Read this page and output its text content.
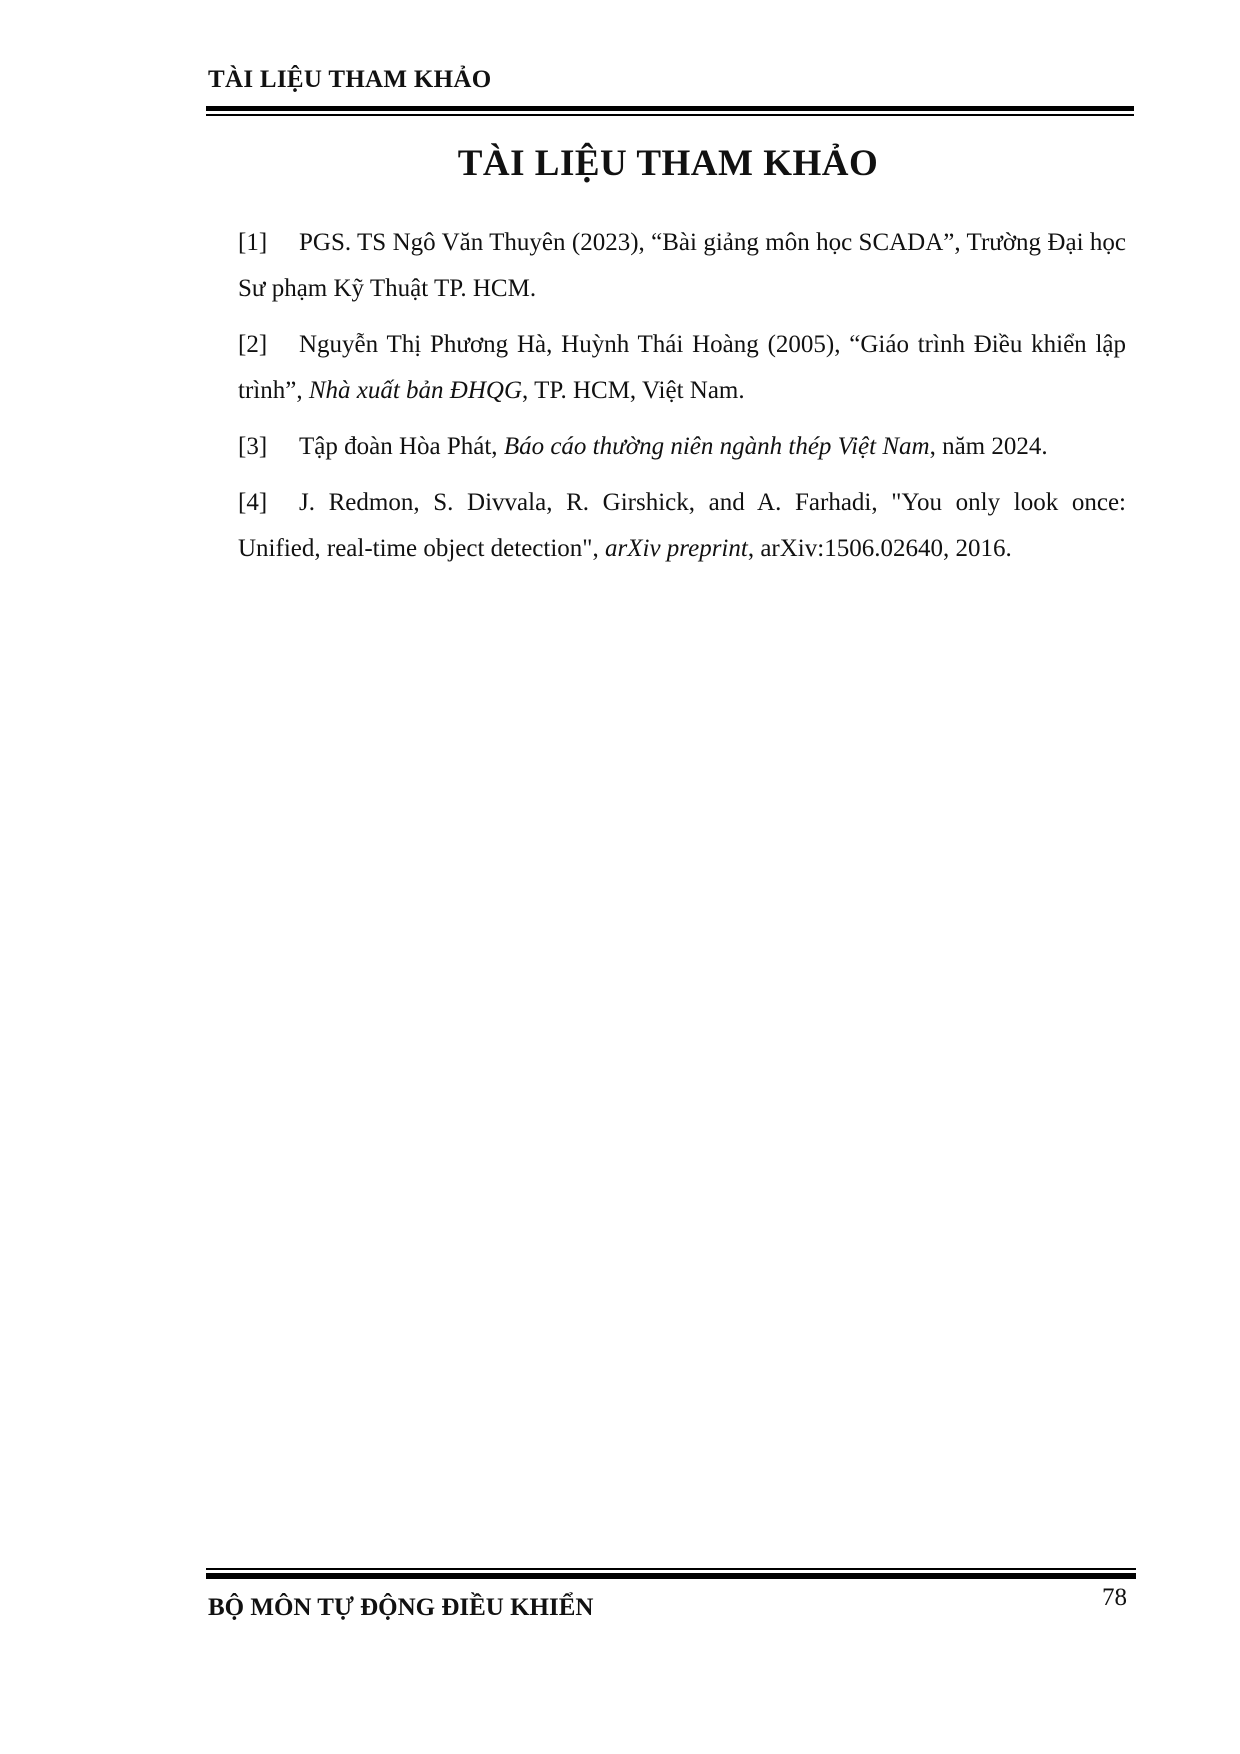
TÀI LIỆU THAM KHẢO
TÀI LIỆU THAM KHẢO

[1] PGS. TS Ngô Văn Thuyên (2023), “Bài giảng môn học SCADA”, Trường Đại học Sư phạm Kỹ Thuật TP. HCM.

[2] Nguyễn Thị Phương Hà, Huỳnh Thái Hoàng (2005), “Giáo trình Điều khiển lập trình”, Nhà xuất bản ĐHQG, TP. HCM, Việt Nam.

[3] Tập đoàn Hòa Phát, Báo cáo thường niên ngành thép Việt Nam, năm 2024.

[4] J. Redmon, S. Divvala, R. Girshick, and A. Farhadi, "You only look once: Unified, real-time object detection", arXiv preprint, arXiv:1506.02640, 2016.

BỘ MÔN TỰ ĐỘNG ĐIỀU KHIỂN	78
